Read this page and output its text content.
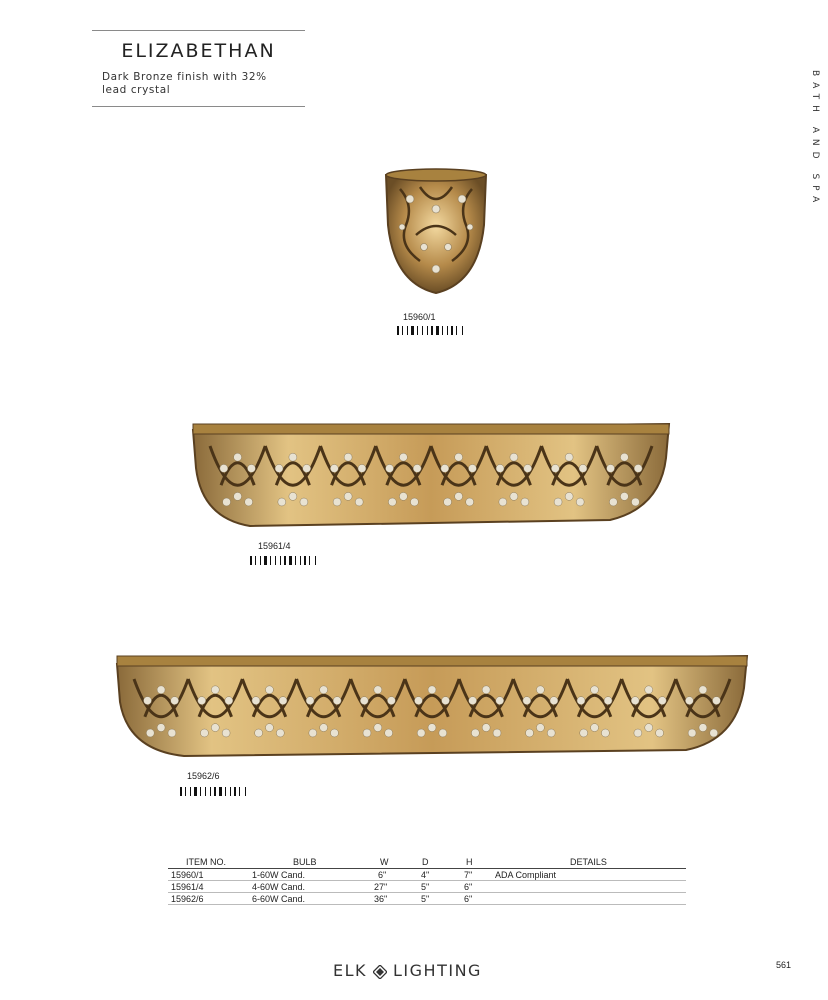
ELIZABETHAN
Dark Bronze finish with 32%
lead crystal	BATH AND SPA
15960/1
15961/4
15962/6
ITEM NO.	BULB	W	D	H	DETAILS
15960/1	1-60W Cand.	6"	4"	7"	ADA Compliant
15961/4	4-60W Cand.	27"	5"	6"
15962/6	6-60W Cand.	36"	5"	6"
ELK LIGHTING	561
